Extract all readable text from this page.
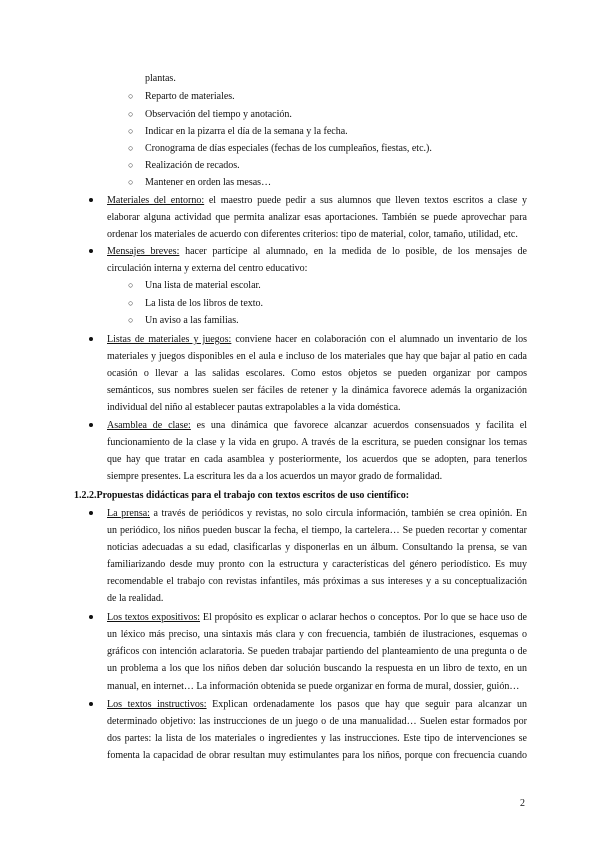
plantas.
○ Reparto de materiales.
○ Observación del tiempo y anotación.
○ Indicar en la pizarra el día de la semana y la fecha.
○ Cronograma de días especiales (fechas de los cumpleaños, fiestas, etc.).
○ Realización de recados.
○ Mantener en orden las mesas…
Materiales del entorno: el maestro puede pedir a sus alumnos que lleven textos escritos a clase y
elaborar alguna actividad que permita analizar esas aportaciones. También se puede aprovechar para
ordenar los materiales de acuerdo con diferentes criterios: tipo de material, color, tamaño, utilidad, etc.
Mensajes breves: hacer partícipe al alumnado, en la medida de lo posible, de los mensajes de
circulación interna y externa del centro educativo:
○ Una lista de material escolar.
○ La lista de los libros de texto.
○ Un aviso a las familias.
Listas de materiales y juegos: conviene hacer en colaboración con el alumnado un inventario de los
materiales y juegos disponibles en el aula e incluso de los materiales que hay que bajar al patio en cada
ocasión o llevar a las salidas escolares. Como estos objetos se pueden organizar por campos
semánticos, sus nombres suelen ser fáciles de retener y la dinámica favorece además la organización
individual del niño al establecer pautas extrapolables a la vida doméstica.
Asamblea de clase: es una dinámica que favorece alcanzar acuerdos consensuados y facilita el
funcionamiento de la clase y la vida en grupo. A través de la escritura, se pueden consignar los temas
que hay que tratar en cada asamblea y posteriormente, los acuerdos que se adopten, para tenerlos
siempre presentes. La escritura les da a los acuerdos un mayor grado de formalidad.
1.2.2.Propuestas didácticas para el trabajo con textos escritos de uso científico:
La prensa: a través de periódicos y revistas, no solo circula información, también se crea opinión. En
un periódico, los niños pueden buscar la fecha, el tiempo, la cartelera… Se pueden recortar y comentar
noticias adecuadas a su edad, clasificarlas y disponerlas en un álbum. Consultando la prensa, se van
familiarizando desde muy pronto con la estructura y características del género periodístico. Es muy
recomendable el trabajo con revistas infantiles, más próximas a sus intereses y a su conceptualización
de la realidad.
Los textos expositivos: El propósito es explicar o aclarar hechos o conceptos. Por lo que se hace uso de
un léxico más preciso, una sintaxis más clara y con frecuencia, también de ilustraciones, esquemas o
gráficos con intención aclaratoria. Se pueden trabajar partiendo del planteamiento de una pregunta o de
un problema a los que los niños deben dar solución buscando la respuesta en un libro de texto, en un
manual, en internet… La información obtenida se puede organizar en forma de mural, dossier, guión…
Los textos instructivos: Explican ordenadamente los pasos que hay que seguir para alcanzar un
determinado objetivo: las instrucciones de un juego o de una manualidad… Suelen estar formados por
dos partes: la lista de los materiales o ingredientes y las instrucciones. Este tipo de intervenciones se
fomenta la capacidad de obrar resultan muy estimulantes para los niños, porque con frecuencia cuando
2
